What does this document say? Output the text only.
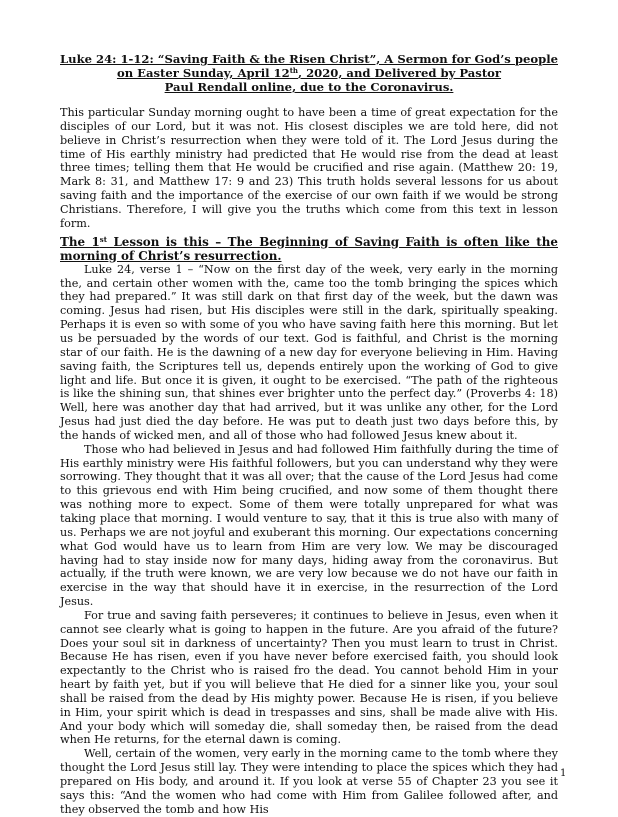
Luke 24: 1-12: “Saving Faith & the Risen Christ”, A Sermon for God’s people
on Easter Sunday, April 12th, 2020, and Delivered by Pastor
Paul Rendall online, due to the Coronavirus.

This particular Sunday morning ought to have been a time of great expectation for the disciples of our Lord, but it was not. His closest disciples we are told here, did not believe in Christ’s resurrection when they were told of it. The Lord Jesus during the time of His earthly ministry had predicted that He would rise from the dead at least three times; telling them that He would be crucified and rise again. (Matthew 20: 19, Mark 8: 31, and Matthew 17: 9 and 23) This truth holds several lessons for us about saving faith and the importance of the exercise of our own faith if we would be strong Christians. Therefore, I will give you the truths which come from this text in lesson form.

The 1st Lesson is this – The Beginning of Saving Faith is often like the morning of Christ’s resurrection.

Luke 24, verse 1 – “Now on the first day of the week, very early in the morning the, and certain other women with the, came too the tomb bringing the spices which they had prepared.” It was still dark on that first day of the week, but the dawn was coming. Jesus had risen, but His disciples were still in the dark, spiritually speaking. Perhaps it is even so with some of you who have saving faith here this morning. But let us be persuaded by the words of our text. God is faithful, and Christ is the morning star of our faith. He is the dawning of a new day for everyone believing in Him. Having saving faith, the Scriptures tell us, depends entirely upon the working of God to give light and life. But once it is given, it ought to be exercised. “The path of the righteous is like the shining sun, that shines ever brighter unto the perfect day.” (Proverbs 4: 18) Well, here was another day that had arrived, but it was unlike any other, for the Lord Jesus had just died the day before. He was put to death just two days before this, by the hands of wicked men, and all of those who had followed Jesus knew about it.

Those who had believed in Jesus and had followed Him faithfully during the time of His earthly ministry were His faithful followers, but you can understand why they were sorrowing. They thought that it was all over; that the cause of the Lord Jesus had come to this grievous end with Him being crucified, and now some of them thought there was nothing more to expect. Some of them were totally unprepared for what was taking place that morning. I would venture to say, that it this is true also with many of us. Perhaps we are not joyful and exuberant this morning. Our expectations concerning what God would have us to learn from Him are very low. We may be discouraged having had to stay inside now for many days, hiding away from the coronavirus. But actually, if the truth were known, we are very low because we do not have our faith in exercise in the way that should have it in exercise, in the resurrection of the Lord Jesus.

For true and saving faith perseveres; it continues to believe in Jesus, even when it cannot see clearly what is going to happen in the future. Are you afraid of the future? Does your soul sit in darkness of uncertainty? Then you must learn to trust in Christ. Because He has risen, even if you have never before exercised faith, you should look expectantly to the Christ who is raised fro the dead. You cannot behold Him in your heart by faith yet, but if you will believe that He died for a sinner like you, your soul shall be raised from the dead by His mighty power. Because He is risen, if you believe in Him, your spirit which is dead in trespasses and sins, shall be made alive with His. And your body which will someday die, shall someday then, be raised from the dead when He returns, for the eternal dawn is coming.

Well, certain of the women, very early in the morning came to the tomb where they thought the Lord Jesus still lay. They were intending to place the spices which they had prepared on His body, and around it. If you look at verse 55 of Chapter 23 you see it says this: “And the women who had come with Him from Galilee followed after, and they observed the tomb and how His

1
